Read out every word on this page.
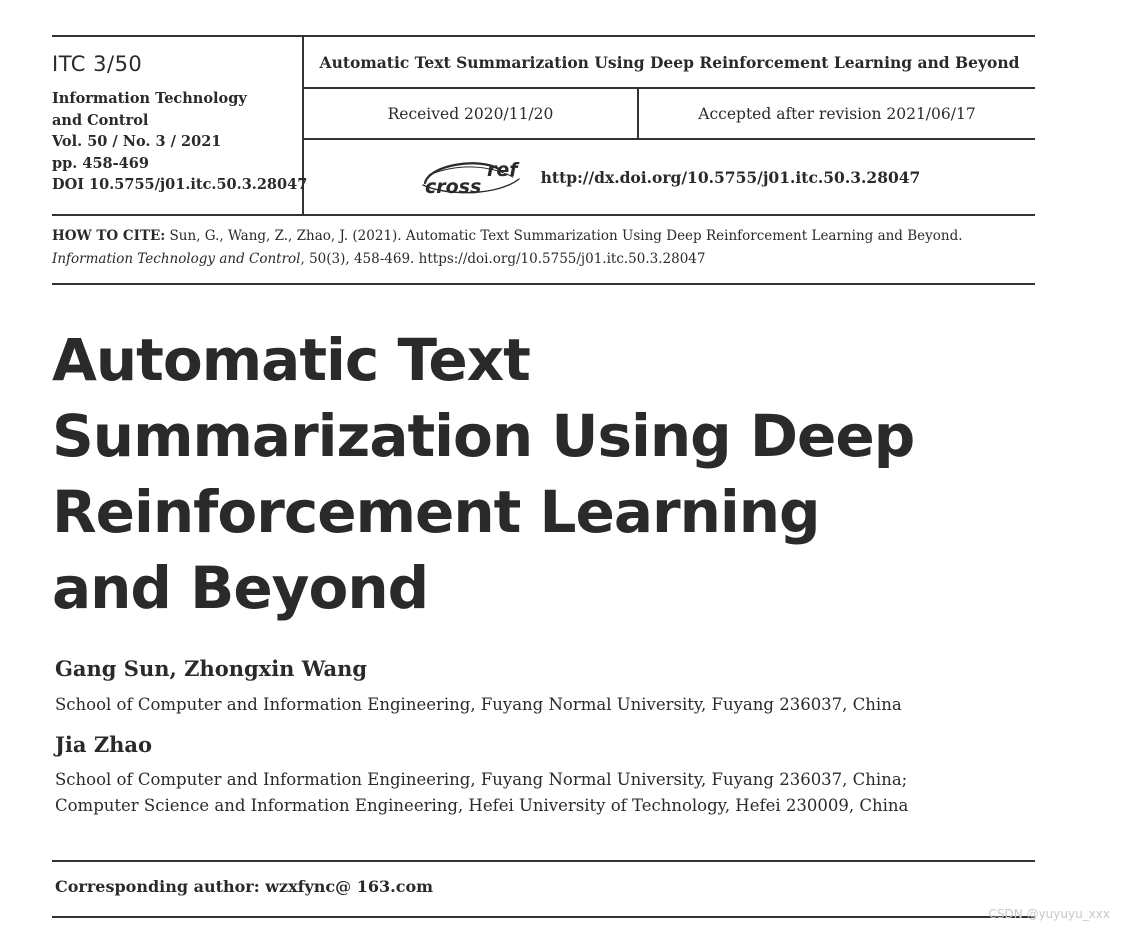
ITC 3/50
Information Technology
and Control
Vol. 50 / No. 3 / 2021
pp. 458-469
DOI 10.5755/j01.itc.50.3.28047
Automatic Text Summarization Using Deep Reinforcement Learning and Beyond
Received 2020/11/20	Accepted after revision 2021/06/17
cross
ref http://dx.doi.org/10.5755/j01.itc.50.3.28047
HOW TO CITE: Sun, G., Wang, Z., Zhao, J. (2021). Automatic Text Summarization Using Deep Reinforcement Learning and Beyond.
Information Technology and Control, 50(3), 458-469. https://doi.org/10.5755/j01.itc.50.3.28047
Automatic Text
Summarization Using Deep
Reinforcement Learning
and Beyond
Gang Sun, Zhongxin Wang
School of Computer and Information Engineering, Fuyang Normal University, Fuyang 236037, China
Jia Zhao
School of Computer and Information Engineering, Fuyang Normal University, Fuyang 236037, China;
Computer Science and Information Engineering, Hefei University of Technology, Hefei 230009, China
Corresponding author: wzxfync@ 163.com
CSDN @yuyuyu_xxx
